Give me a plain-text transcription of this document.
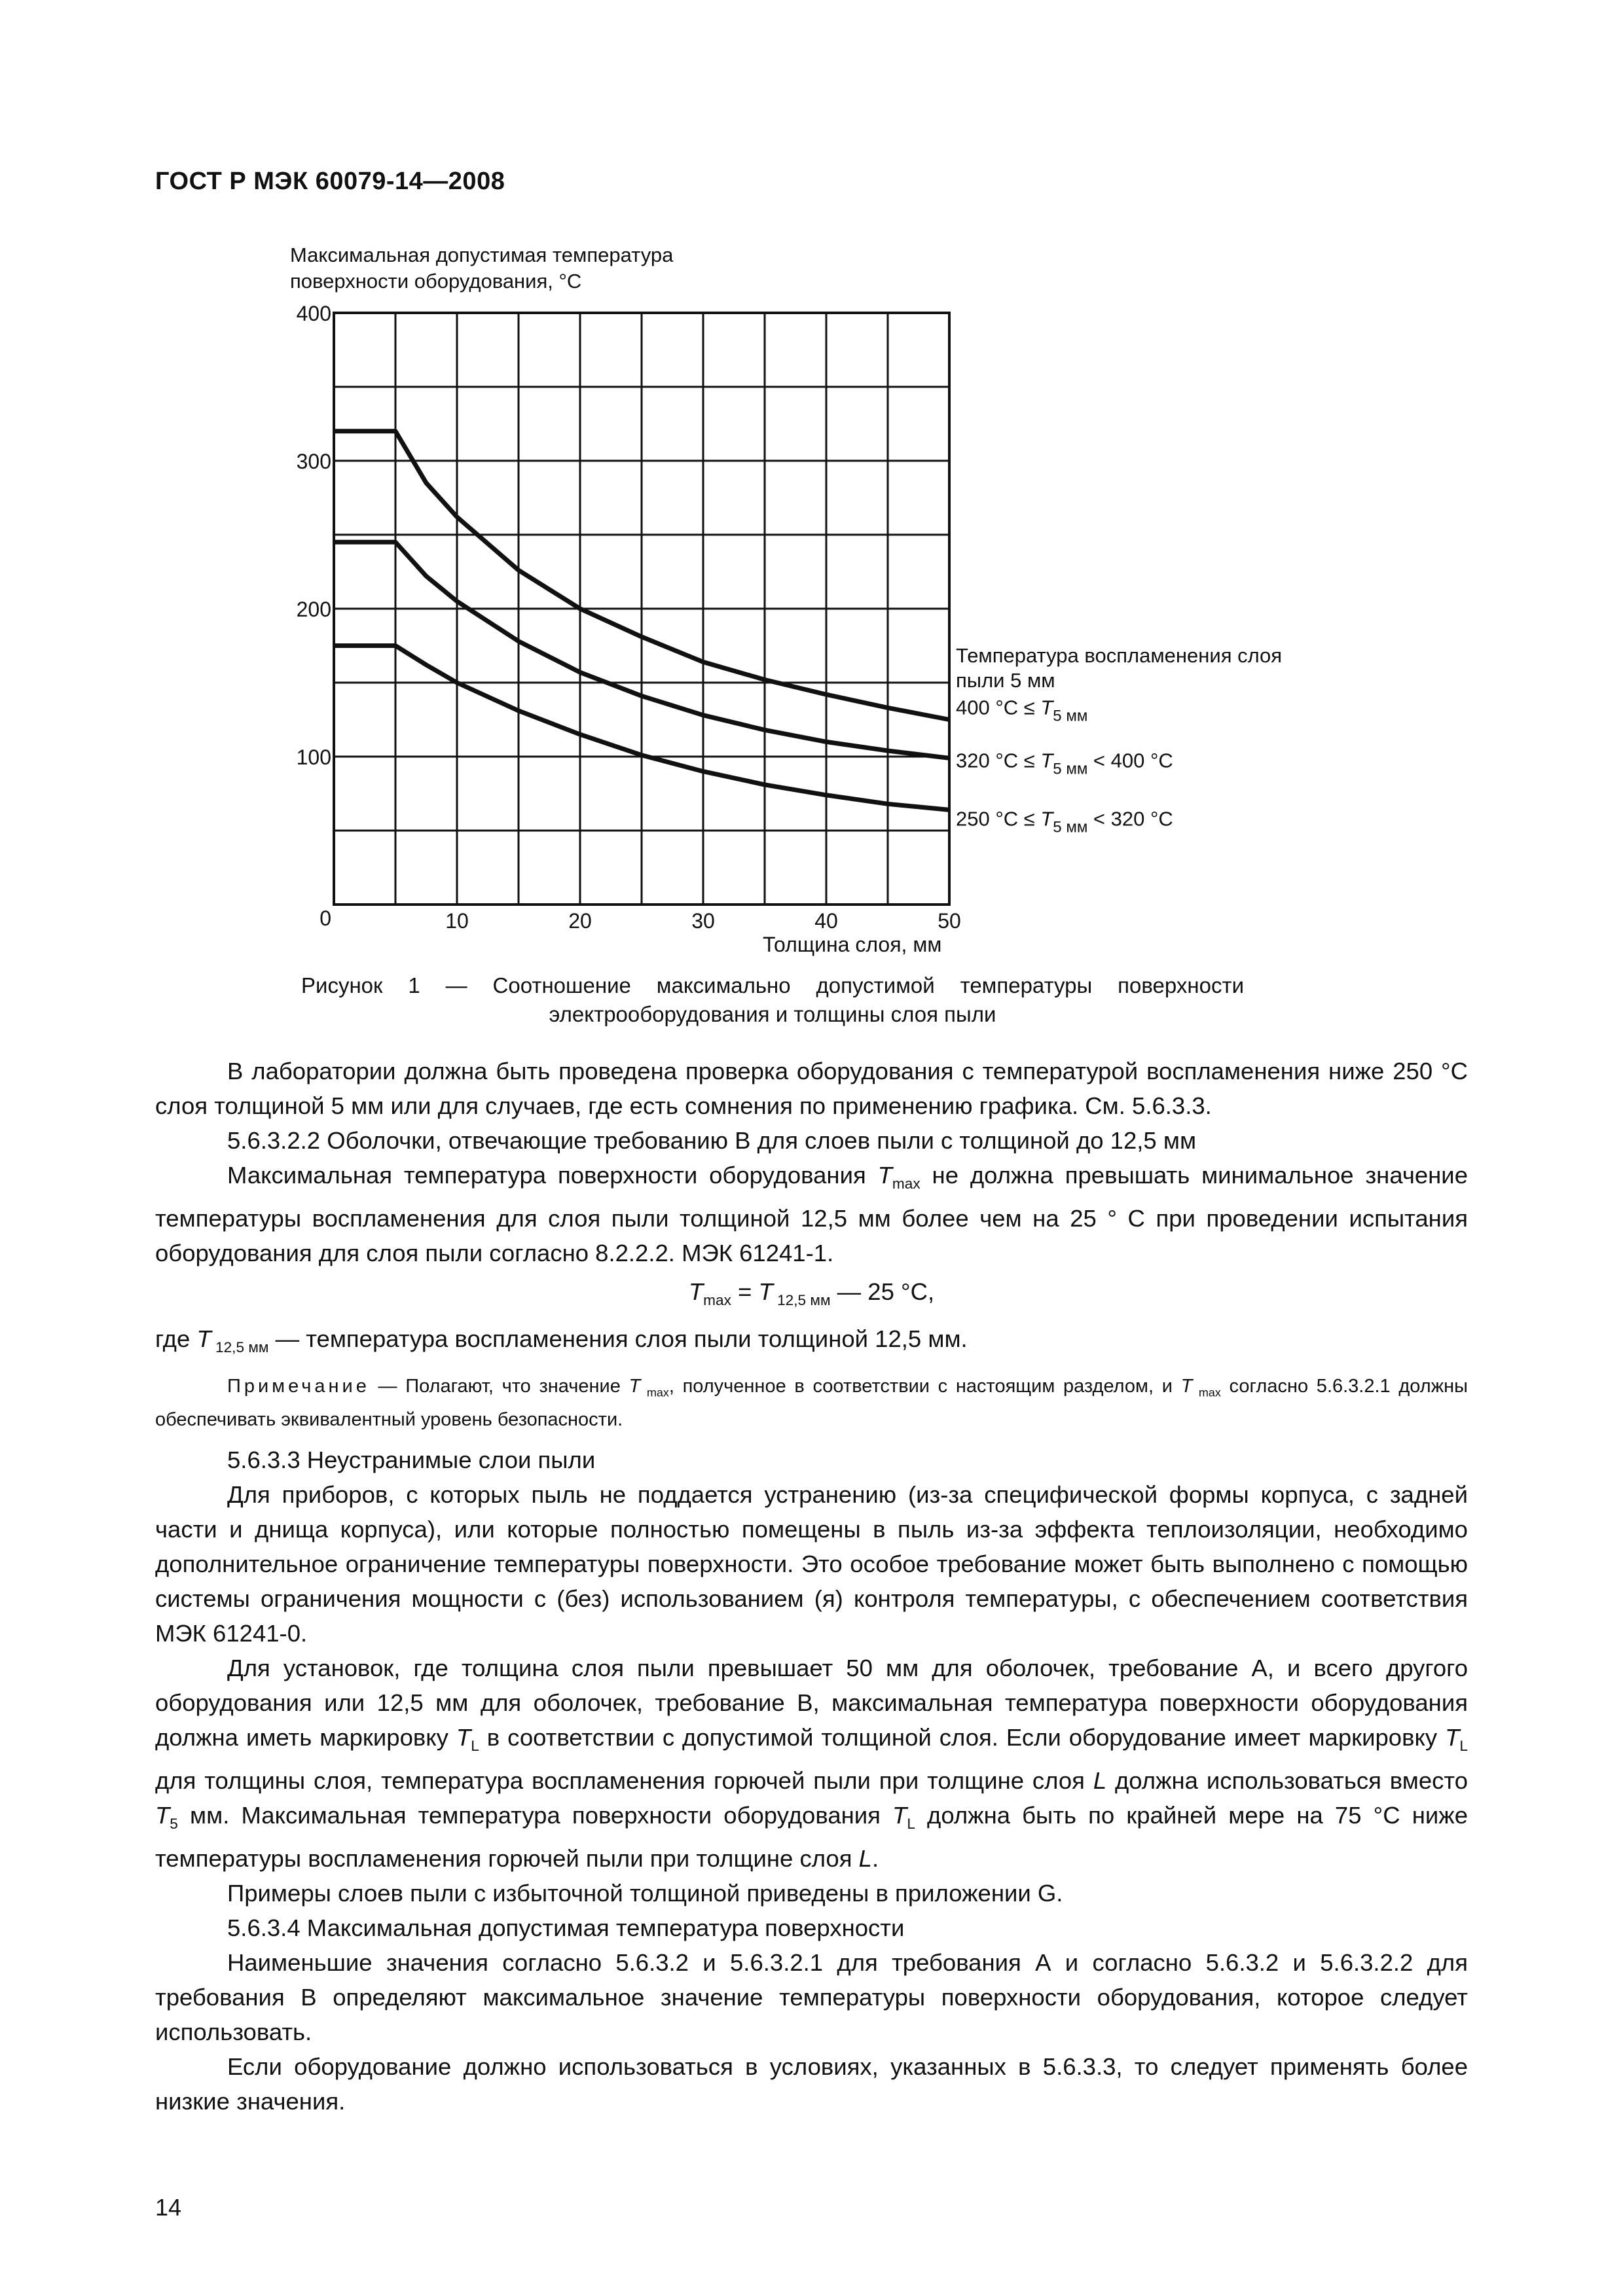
ГОСТ Р МЭК 60079-14—2008
Максимальная допустимая температура
поверхности оборудования, °С
0
100
200
300
400
10	20	30	40	50
Толщина слоя, мм
Температура воспламенения слоя
пыли 5 мм
400 $^\circ C \le T_{5 мм}$
320 $^\circ C \le T_{5 мм} < 400$ °C
250 $^\circ C \le T_{5 мм} < 320$ °C
Рисунок 1 — Соотношение максимально допустимой температуры поверхности
электрооборудования и толщины слоя пыли

В лаборатории должна быть проведена проверка оборудования с температурой воспламенения ниже 250 °С слоя толщиной 5 мм или для случаев, где есть сомнения по применению графика. См. 5.6.3.3.

5.6.3.2.2 Оболочки, отвечающие требованию В для слоев пыли с толщиной до 12,5 мм

Максимальная температура поверхности оборудования $T_{max}$ не должна превышать минимальное значение температуры воспламенения для слоя пыли толщиной 12,5 мм более чем на 25 ° С при проведении испытания оборудования для слоя пыли согласно 8.2.2.2. МЭК 61241-1.

$T_{max} = T$ $_{12,5 мм}$ — 25 °С,

где T $_{12,5 мм}$ — температура воспламенения слоя пыли толщиной 12,5 мм.

Примечание — Полагают, что значение T $_{max}$, полученное в соответствии с настоящим разделом, и T $_{max}$ согласно 5.6.3.2.1 должны обеспечивать эквивалентный уровень безопасности.

5.6.3.3 Неустранимые слои пыли

Для приборов, с которых пыль не поддается устранению (из-за специфической формы корпуса, с задней части и днища корпуса), или которые полностью помещены в пыль из-за эффекта теплоизоляции, необходимо дополнительное ограничение температуры поверхности. Это особое требование может быть выполнено с помощью системы ограничения мощности с (без) использованием (я) контроля температуры, с обеспечением соответствия МЭК 61241-0.

Для установок, где толщина слоя пыли превышает 50 мм для оболочек, требование А, и всего другого оборудования или 12,5 мм для оболочек, требование В, максимальная температура поверхности оборудования должна иметь маркировку $T_L$ в соответствии с допустимой толщиной слоя. Если оборудование имеет маркировку $T_L$ для толщины слоя, температура воспламенения горючей пыли при толщине слоя L должна использоваться вместо $T_5$ мм. Максимальная температура поверхности оборудования $T_L$ должна быть по крайней мере на 75 °С ниже температуры воспламенения горючей пыли при толщине слоя L.

Примеры слоев пыли с избыточной толщиной приведены в приложении G.

5.6.3.4 Максимальная допустимая температура поверхности

Наименьшие значения согласно 5.6.3.2 и 5.6.3.2.1 для требования А и согласно 5.6.3.2 и 5.6.3.2.2 для требования В определяют максимальное значение температуры поверхности оборудования, которое следует использовать.

Если оборудование должно использоваться в условиях, указанных в 5.6.3.3, то следует применять более низкие значения.

14
